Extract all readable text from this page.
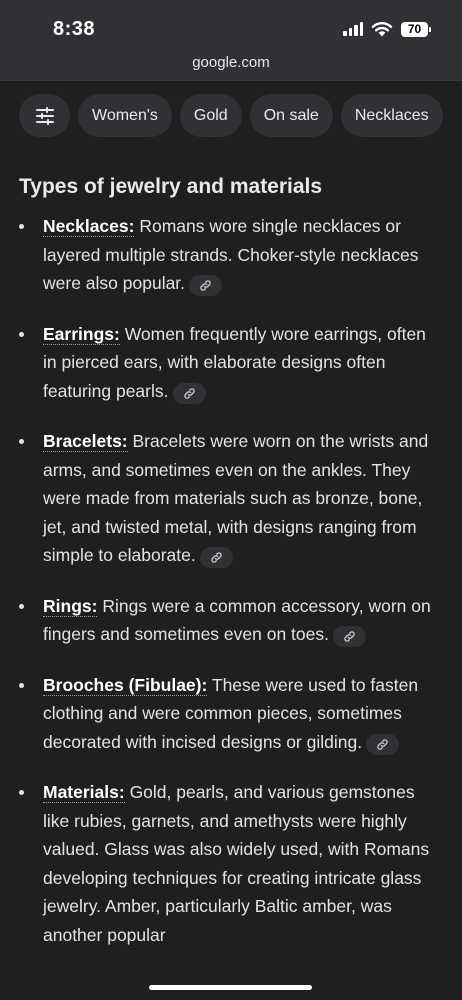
8:38	70
google.com
Women's	Gold	On sale	Necklaces
Types of jewelry and materials
Necklaces: Romans wore single necklaces or layered multiple strands. Choker-style necklaces were also popular.
Earrings: Women frequently wore earrings, often in pierced ears, with elaborate designs often featuring pearls.
Bracelets: Bracelets were worn on the wrists and arms, and sometimes even on the ankles. They were made from materials such as bronze, bone, jet, and twisted metal, with designs ranging from simple to elaborate.
Rings: Rings were a common accessory, worn on fingers and sometimes even on toes.
Brooches (Fibulae): These were used to fasten clothing and were common pieces, sometimes decorated with incised designs or gilding.
Materials: Gold, pearls, and various gemstones like rubies, garnets, and amethysts were highly valued. Glass was also widely used, with Romans developing techniques for creating intricate glass jewelry. Amber, particularly Baltic amber, was another popular
